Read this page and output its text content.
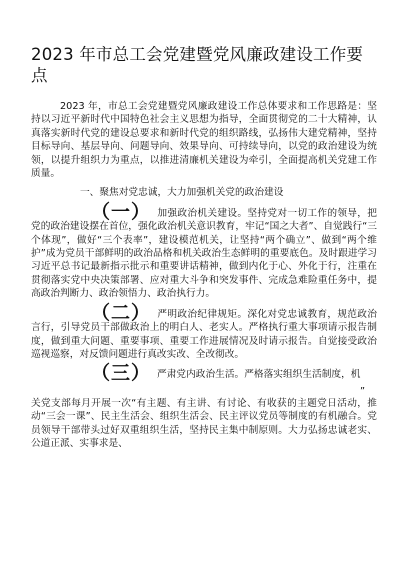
2023 年市总工会党建暨党风廉政建设工作要点

2023 年，市总工会党建暨党风廉政建设工作总体要求和工作思路是：坚持以习近平新时代中国特色社会主义思想为指导，全面贯彻党的二十大精神，认真落实新时代党的建设总要求和新时代党的组织路线，弘扬伟大建党精神，坚持目标导向、基层导向、问题导向、效果导向、可持续导向，以党的政治建设为统领，以提升组织力为重点，以推进清廉机关建设为牵引，全面提高机关党建工作质量。

一、聚焦对党忠诚，大力加强机关党的政治建设

（一） 加强政治机关建设。坚持党对一切工作的领导，把党的政治建设摆在首位，强化政治机关意识教育，牢记“国之大者”、自觉践行“三个体现”，做好“三个表率”，建设模范机关，让坚持“两个确立”、做到“两个维护”成为党员干部鲜明的政治品格和机关政治生态鲜明的重要底色。及时跟进学习习近平总书记最新指示批示和重要讲话精神，做到内化于心、外化于行，注重在贯彻落实党中央决策部署、应对重大斗争和突发事件、完成急难险重任务中，提高政治判断力、政治领悟力、政治执行力。

（二） 严明政治纪律规矩。深化对党忠诚教育，规范政治言行，引导党员干部做政治上的明白人、老实人。严格执行重大事项请示报告制度，做到重大问题、重要事项、重要工作进展情况及时请示报告。自觉接受政治巡视巡察，对反馈问题进行真改实改、全改彻改。

（三） 严肃党内政治生活。严格落实组织生活制度，机

”

关党支部每月开展一次“有主题、有主讲、有讨论、有收获的主题党日活动，推动“三会一课”、民主生活会、组织生活会、民主评议党员等制度的有机融合。党员领导干部带头过好双重组织生活，坚持民主集中制原则。大力弘扬忠诚老实、公道正派、实事求是、
